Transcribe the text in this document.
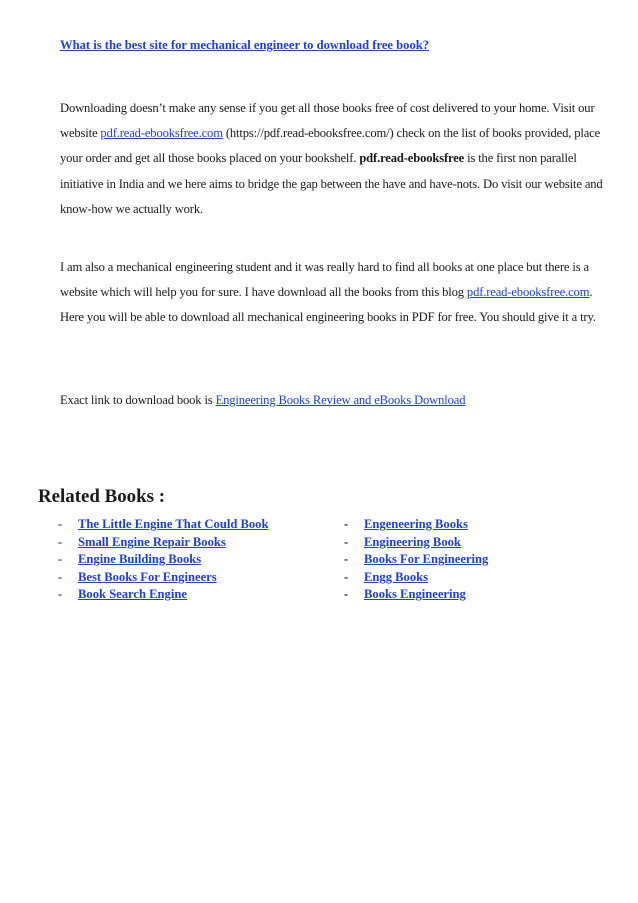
What is the best site for mechanical engineer to download free book?

Downloading doesn’t make any sense if you get all those books free of cost delivered to your home. Visit our website pdf.read-ebooksfree.com (https://pdf.read-ebooksfree.com/) check on the list of books provided, place your order and get all those books placed on your bookshelf. pdf.read-ebooksfree is the first non parallel initiative in India and we here aims to bridge the gap between the have and have-nots. Do visit our website and know-how we actually work.

I am also a mechanical engineering student and it was really hard to find all books at one place but there is a website which will help you for sure. I have download all the books from this blog pdf.read-ebooksfree.com. Here you will be able to download all mechanical engineering books in PDF for free. You should give it a try.

Exact link to download book is Engineering Books Review and eBooks Download

Related Books :
- The Little Engine That Could Book
- Small Engine Repair Books
- Engine Building Books
- Best Books For Engineers
- Book Search Engine
- Engeneering Books
- Engineering Book
- Books For Engineering
- Engg Books
- Books Engineering
